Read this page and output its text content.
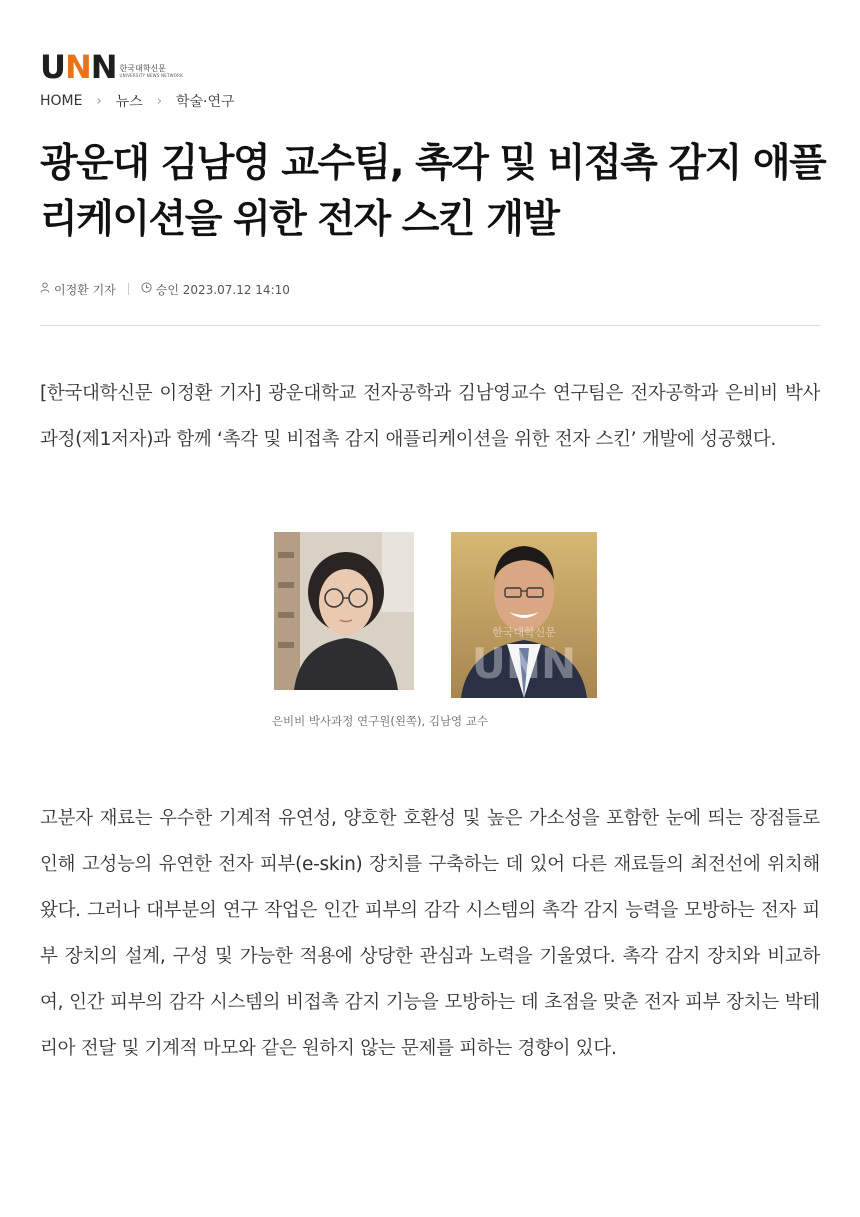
UNN 한국대학신문
UNIVERSITY NEWS NETWORK
HOME › 뉴스 › 학술·연구
광운대 김남영 교수팀, 촉각 및 비접촉 감지 애플리케이션을 위한 전자 스킨 개발
이정환 기자	승인 2023.07.12 14:10

[한국대학신문 이정환 기자] 광운대학교 전자공학과 김남영교수 연구팀은 전자공학과 은비비 박사과정(제1저자)과 함께 ‘촉각 및 비접촉 감지 애플리케이션을 위한 전자 스킨’ 개발에 성공했다.

한국대학신문
UNN
은비비 박사과정 연구원(왼쪽), 김남영 교수

고분자 재료는 우수한 기계적 유연성, 양호한 호환성 및 높은 가소성을 포함한 눈에 띄는 장점들로 인해 고성능의 유연한 전자 피부(e-skin) 장치를 구축하는 데 있어 다른 재료들의 최전선에 위치해 왔다. 그러나 대부분의 연구 작업은 인간 피부의 감각 시스템의 촉각 감지 능력을 모방하는 전자 피부 장치의 설계, 구성 및 가능한 적용에 상당한 관심과 노력을 기울였다. 촉각 감지 장치와 비교하여, 인간 피부의 감각 시스템의 비접촉 감지 기능을 모방하는 데 초점을 맞춘 전자 피부 장치는 박테리아 전달 및 기계적 마모와 같은 원하지 않는 문제를 피하는 경향이 있다.
